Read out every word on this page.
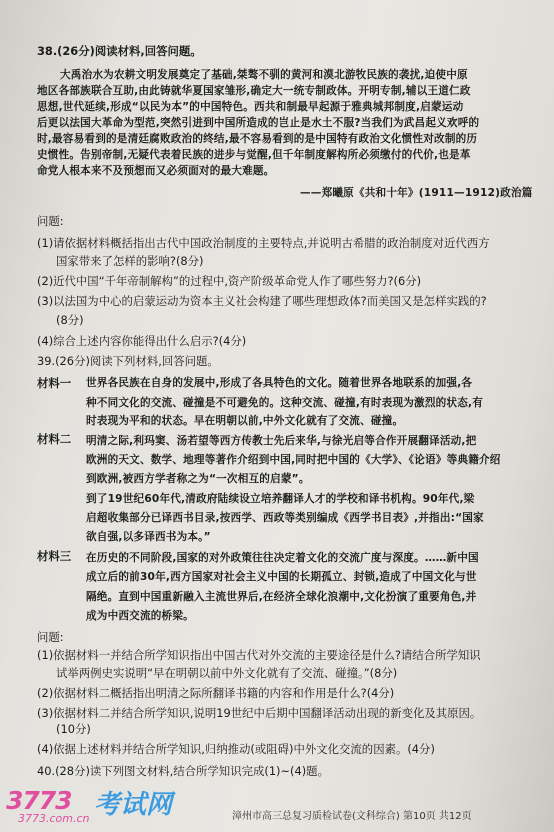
38.(26分)阅读材料,回答问题。
大禹治水为农耕文明发展奠定了基础,桀骜不驯的黄河和漠北游牧民族的袭扰,迫使中原
地区各部族联合互助,由此铸就华夏国家雏形,确定大一统专制政体。开明专制,辅以王道仁政
思想,世代延续,形成“以民为本”的中国特色。西共和制最早起源于雅典城邦制度,启蒙运动
后更以法国大革命为型范,突然引进到中国所造成的岂止是水土不服?当我们为武昌起义欢呼的
时,最容易看到的是清廷腐败政治的终结,最不容易看到的是中国特有政治文化惯性对改制的历
史惯性。告别帝制,无疑代表着民族的进步与觉醒,但千年制度解构所必须缴付的代价,也是革
命党人根本来不及预想而又必须面对的最大难题。
——郑曦原《共和十年》(1911—1912)政治篇
问题:
(1)请依据材料概括指出古代中国政治制度的主要特点,并说明古希腊的政治制度对近代西方
国家带来了怎样的影响?(8分)
(2)近代中国“千年帝制解构”的过程中,资产阶级革命党人作了哪些努力?(6分)
(3)以法国为中心的启蒙运动为资本主义社会构建了哪些理想政体?而美国又是怎样实践的?
(8分)
(4)综合上述内容你能得出什么启示?(4分)
39.(26分)阅读下列材料,回答问题。
材料一 世界各民族在自身的发展中,形成了各具特色的文化。随着世界各地联系的加强,各
种不同文化的交流、碰撞是不可避免的。这种交流、碰撞,有时表现为激烈的状态,有
时表现为平和的状态。早在明朝以前,中外文化就有了交流、碰撞。
材料二 明清之际,利玛窦、汤若望等西方传教士先后来华,与徐光启等合作开展翻译活动,把
欧洲的天文、数学、地理等著作介绍到中国,同时把中国的《大学》、《论语》等典籍介绍
到欧洲,被西方学者称之为“一次相互的启蒙”。
到了19世纪60年代,清政府陆续设立培养翻译人才的学校和译书机构。90年代,梁
启超收集部分已译西书目录,按西学、西政等类别编成《西学书目表》,并指出:“国家
欲自强,以多译西书为本。”
材料三 在历史的不同阶段,国家的对外政策往往决定着文化的交流广度与深度。……新中国
成立后的前30年,西方国家对社会主义中国的长期孤立、封锁,造成了中国文化与世
隔绝。直到中国重新融入主流世界后,在经济全球化浪潮中,文化扮演了重要角色,并
成为中西交流的桥梁。
问题:
(1)依据材料一并结合所学知识指出中国古代对外交流的主要途径是什么?请结合所学知识
试举两例史实说明“早在明朝以前中外文化就有了交流、碰撞。”(8分)
(2)依据材料二概括指出明清之际所翻译书籍的内容和作用是什么?(4分)
(3)依据材料二并结合所学知识,说明19世纪中后期中国翻译活动出现的新变化及其原因。
(10分)
(4)依据上述材料并结合所学知识,归纳推动(或阻碍)中外文化交流的因素。(4分)
40.(28分)读下列图文材料,结合所学知识完成(1)~(4)题。
3773 考试网
3773.com.cn	漳州市高三总复习质检试卷(文科综合) 第10页 共12页
